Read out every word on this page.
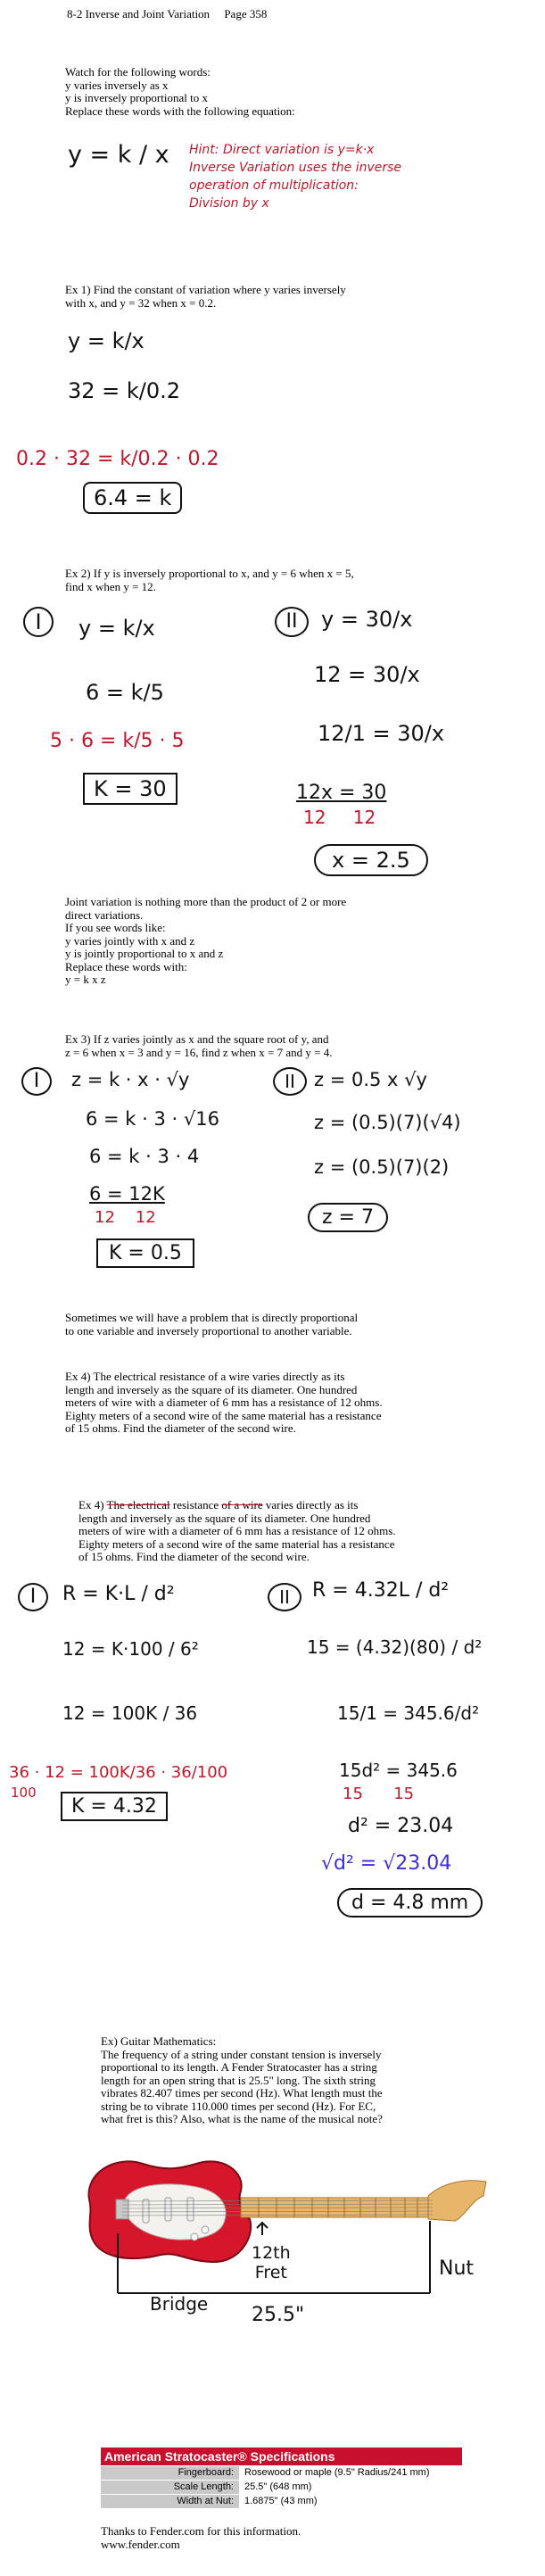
8-2 Inverse and Joint Variation Page 358
Watch for the following words:
y varies inversely as x
y is inversely proportional to x
Replace these words with the following equation:
y = k / x Hint: Direct variation is y=k·x
Inverse Variation uses the inverse
operation of multiplication:
Division by x
Ex 1) Find the constant of variation where y varies inversely
with x, and y = 32 when x = 0.2.
y = k/x
32 = k/0.2
0.2 · 32 = k/0.2 · 0.2
6.4 = k
Ex 2) If y is inversely proportional to x, and y = 6 when x = 5,
find x when y = 12.
I	y = k/x
6 = k/5
5 · 6 = k/5 · 5
K = 30
II	y = 30/x
12 = 30/x
12/1 = 30/x
12x = 30
12 12
x = 2.5
Joint variation is nothing more than the product of 2 or more
direct variations.
If you see words like:
y varies jointly with x and z
y is jointly proportional to x and z
Replace these words with:
y = k x z
Ex 3) If z varies jointly as x and the square root of y, and
z = 6 when x = 3 and y = 16, find z when x = 7 and y = 4.
I	z = k · x · √y
6 = k · 3 · √16
6 = k · 3 · 4
6 = 12K
12    12
K = 0.5
II	z = 0.5 x √y
z = (0.5)(7)(√4)
z = (0.5)(7)(2)
z = 7
Sometimes we will have a problem that is directly proportional
to one variable and inversely proportional to another variable.
Ex 4) The electrical resistance of a wire varies directly as its
length and inversely as the square of its diameter. One hundred
meters of wire with a diameter of 6 mm has a resistance of 12 ohms.
Eighty meters of a second wire of the same material has a resistance
of 15 ohms. Find the diameter of the second wire.
Ex 4) The electrical resistance of a wire varies directly as its
length and inversely as the square of its diameter. One hundred
meters of wire with a diameter of 6 mm has a resistance of 12 ohms.
Eighty meters of a second wire of the same material has a resistance
of 15 ohms. Find the diameter of the second wire.
I	R = K·L / d²
12 = K·100 / 6²
12 = 100K / 36
36 · 12 = 100K/36 · 36/100
100
K = 4.32
II	R = 4.32L / d²
15 = (4.32)(80) / d²
15/1 = 345.6/d²
15d² = 345.6
15      15
d² = 23.04
√d² = √23.04
d = 4.8 mm
Ex) Guitar Mathematics:
The frequency of a string under constant tension is inversely
proportional to its length. A Fender Stratocaster has a string
length for an open string that is 25.5" long. The sixth string
vibrates 82.407 times per second (Hz). What length must the
string be to vibrate 110.000 times per second (Hz). For EC,
what fret is this? Also, what is the name of the musical note?
12th
Fret	Nut
Bridge 25.5"
American Stratocaster® Specifications
Fingerboard:	Rosewood or maple (9.5" Radius/241 mm)
Scale Length:	25.5" (648 mm)
Width at Nut:	1.6875" (43 mm)
Thanks to Fender.com for this information.
www.fender.com
